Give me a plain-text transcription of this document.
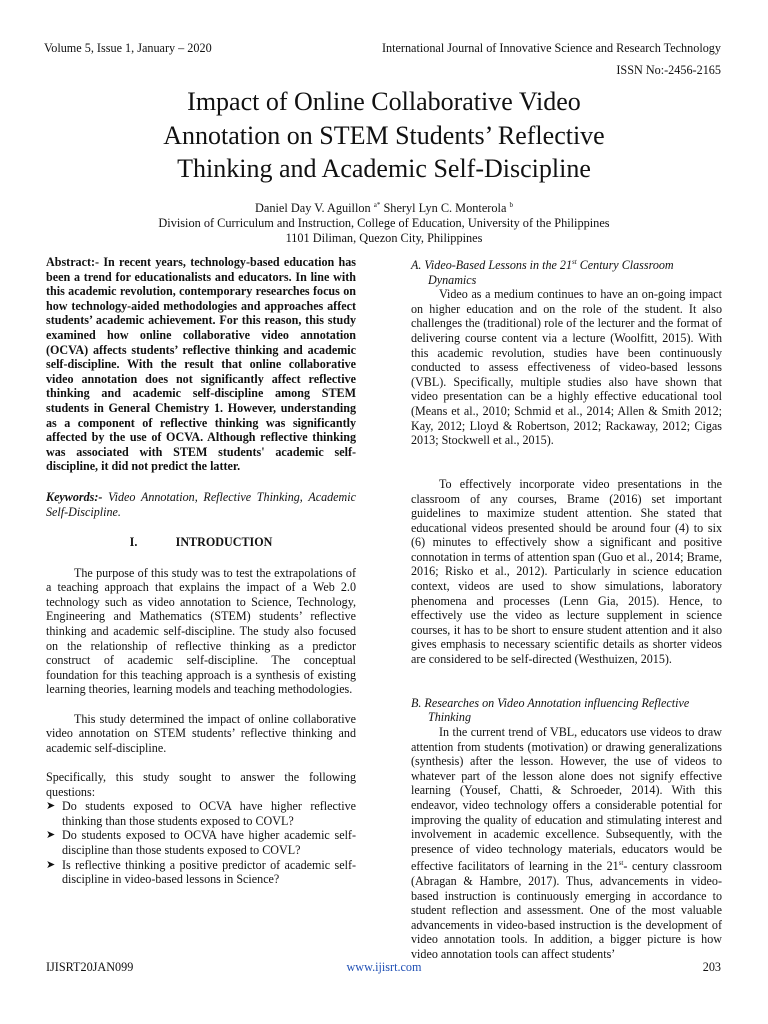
Volume 5, Issue 1, January – 2020	International Journal of Innovative Science and Research Technology
ISSN No:-2456-2165
Impact of Online Collaborative Video
Annotation on STEM Students’ Reflective
Thinking and Academic Self-Discipline
Daniel Day V. Aguillon $^{a*}$ Sheryl Lyn C. Monterola $^b$
Division of Curriculum and Instruction, College of Education, University of the Philippines
1101 Diliman, Quezon City, Philippines

Abstract:- In recent years, technology-based education has been a trend for educationalists and educators. In line with this academic revolution, contemporary researches focus on how technology-aided methodologies and approaches affect students’ academic achievement. For this reason, this study examined how online collaborative video annotation (OCVA) affects students’ reflective thinking and academic self-discipline. With the result that online collaborative video annotation does not significantly affect reflective thinking and academic self-discipline among STEM students in General Chemistry 1. However, understanding as a component of reflective thinking was significantly affected by the use of OCVA. Although reflective thinking was associated with STEM students' academic self-discipline, it did not predict the latter.

Keywords:- Video Annotation, Reflective Thinking, Academic Self-Discipline.

I.	INTRODUCTION

The purpose of this study was to test the extrapolations of a teaching approach that explains the impact of a Web 2.0 technology such as video annotation to Science, Technology, Engineering and Mathematics (STEM) students’ reflective thinking and academic self-discipline. The study also focused on the relationship of reflective thinking as a predictor construct of academic self-discipline. The conceptual foundation for this teaching approach is a synthesis of existing learning theories, learning models and teaching methodologies.

This study determined the impact of online collaborative video annotation on STEM students’ reflective thinking and academic self-discipline.

Specifically, this study sought to answer the following questions:

➤ Do students exposed to OCVA have higher reflective thinking than those students exposed to COVL?
➤ Do students exposed to OCVA have higher academic self-discipline than those students exposed to COVL?
➤ Is reflective thinking a positive predictor of academic self-discipline in video-based lessons in Science?

A. Video-Based Lessons in the 21st Century Classroom
Dynamics

Video as a medium continues to have an on-going impact on higher education and on the role of the student. It also challenges the (traditional) role of the lecturer and the format of delivering course content via a lecture (Woolfitt, 2015). With this academic revolution, studies have been continuously conducted to assess effectiveness of video-based lessons (VBL). Specifically, multiple studies also have shown that video presentation can be a highly effective educational tool (Means et al., 2010; Schmid et al., 2014; Allen & Smith 2012; Kay, 2012; Lloyd & Robertson, 2012; Rackaway, 2012; Cigas 2013; Stockwell et al., 2015).

To effectively incorporate video presentations in the classroom of any courses, Brame (2016) set important guidelines to maximize student attention. She stated that educational videos presented should be around four (4) to six (6) minutes to effectively show a significant and positive connotation in terms of attention span (Guo et al., 2014; Brame, 2016; Risko et al., 2012). Particularly in science education context, videos are used to show simulations, laboratory phenomena and processes (Lenn Gia, 2015). Hence, to effectively use the video as lecture supplement in science courses, it has to be short to ensure student attention and it also gives emphasis to necessary scientific details as shorter videos are considered to be self-directed (Westhuizen, 2015).

B. Researches on Video Annotation influencing Reflective
Thinking

In the current trend of VBL, educators use videos to draw attention from students (motivation) or drawing generalizations (synthesis) after the lesson. However, the use of videos to whatever part of the lesson alone does not signify effective learning (Yousef, Chatti, & Schroeder, 2014). With this endeavor, video technology offers a considerable potential for improving the quality of education and stimulating interest and involvement in academic excellence. Subsequently, with the presence of video technology materials, educators would be effective facilitators of learning in the 21st- century classroom (Abragan & Hambre, 2017). Thus, advancements in video-based instruction is continuously emerging in accordance to student reflection and assessment. One of the most valuable advancements in video-based instruction is the development of video annotation tools. In addition, a bigger picture is how video annotation tools can affect students’

IJISRT20JAN099	www.ijisrt.com	203
